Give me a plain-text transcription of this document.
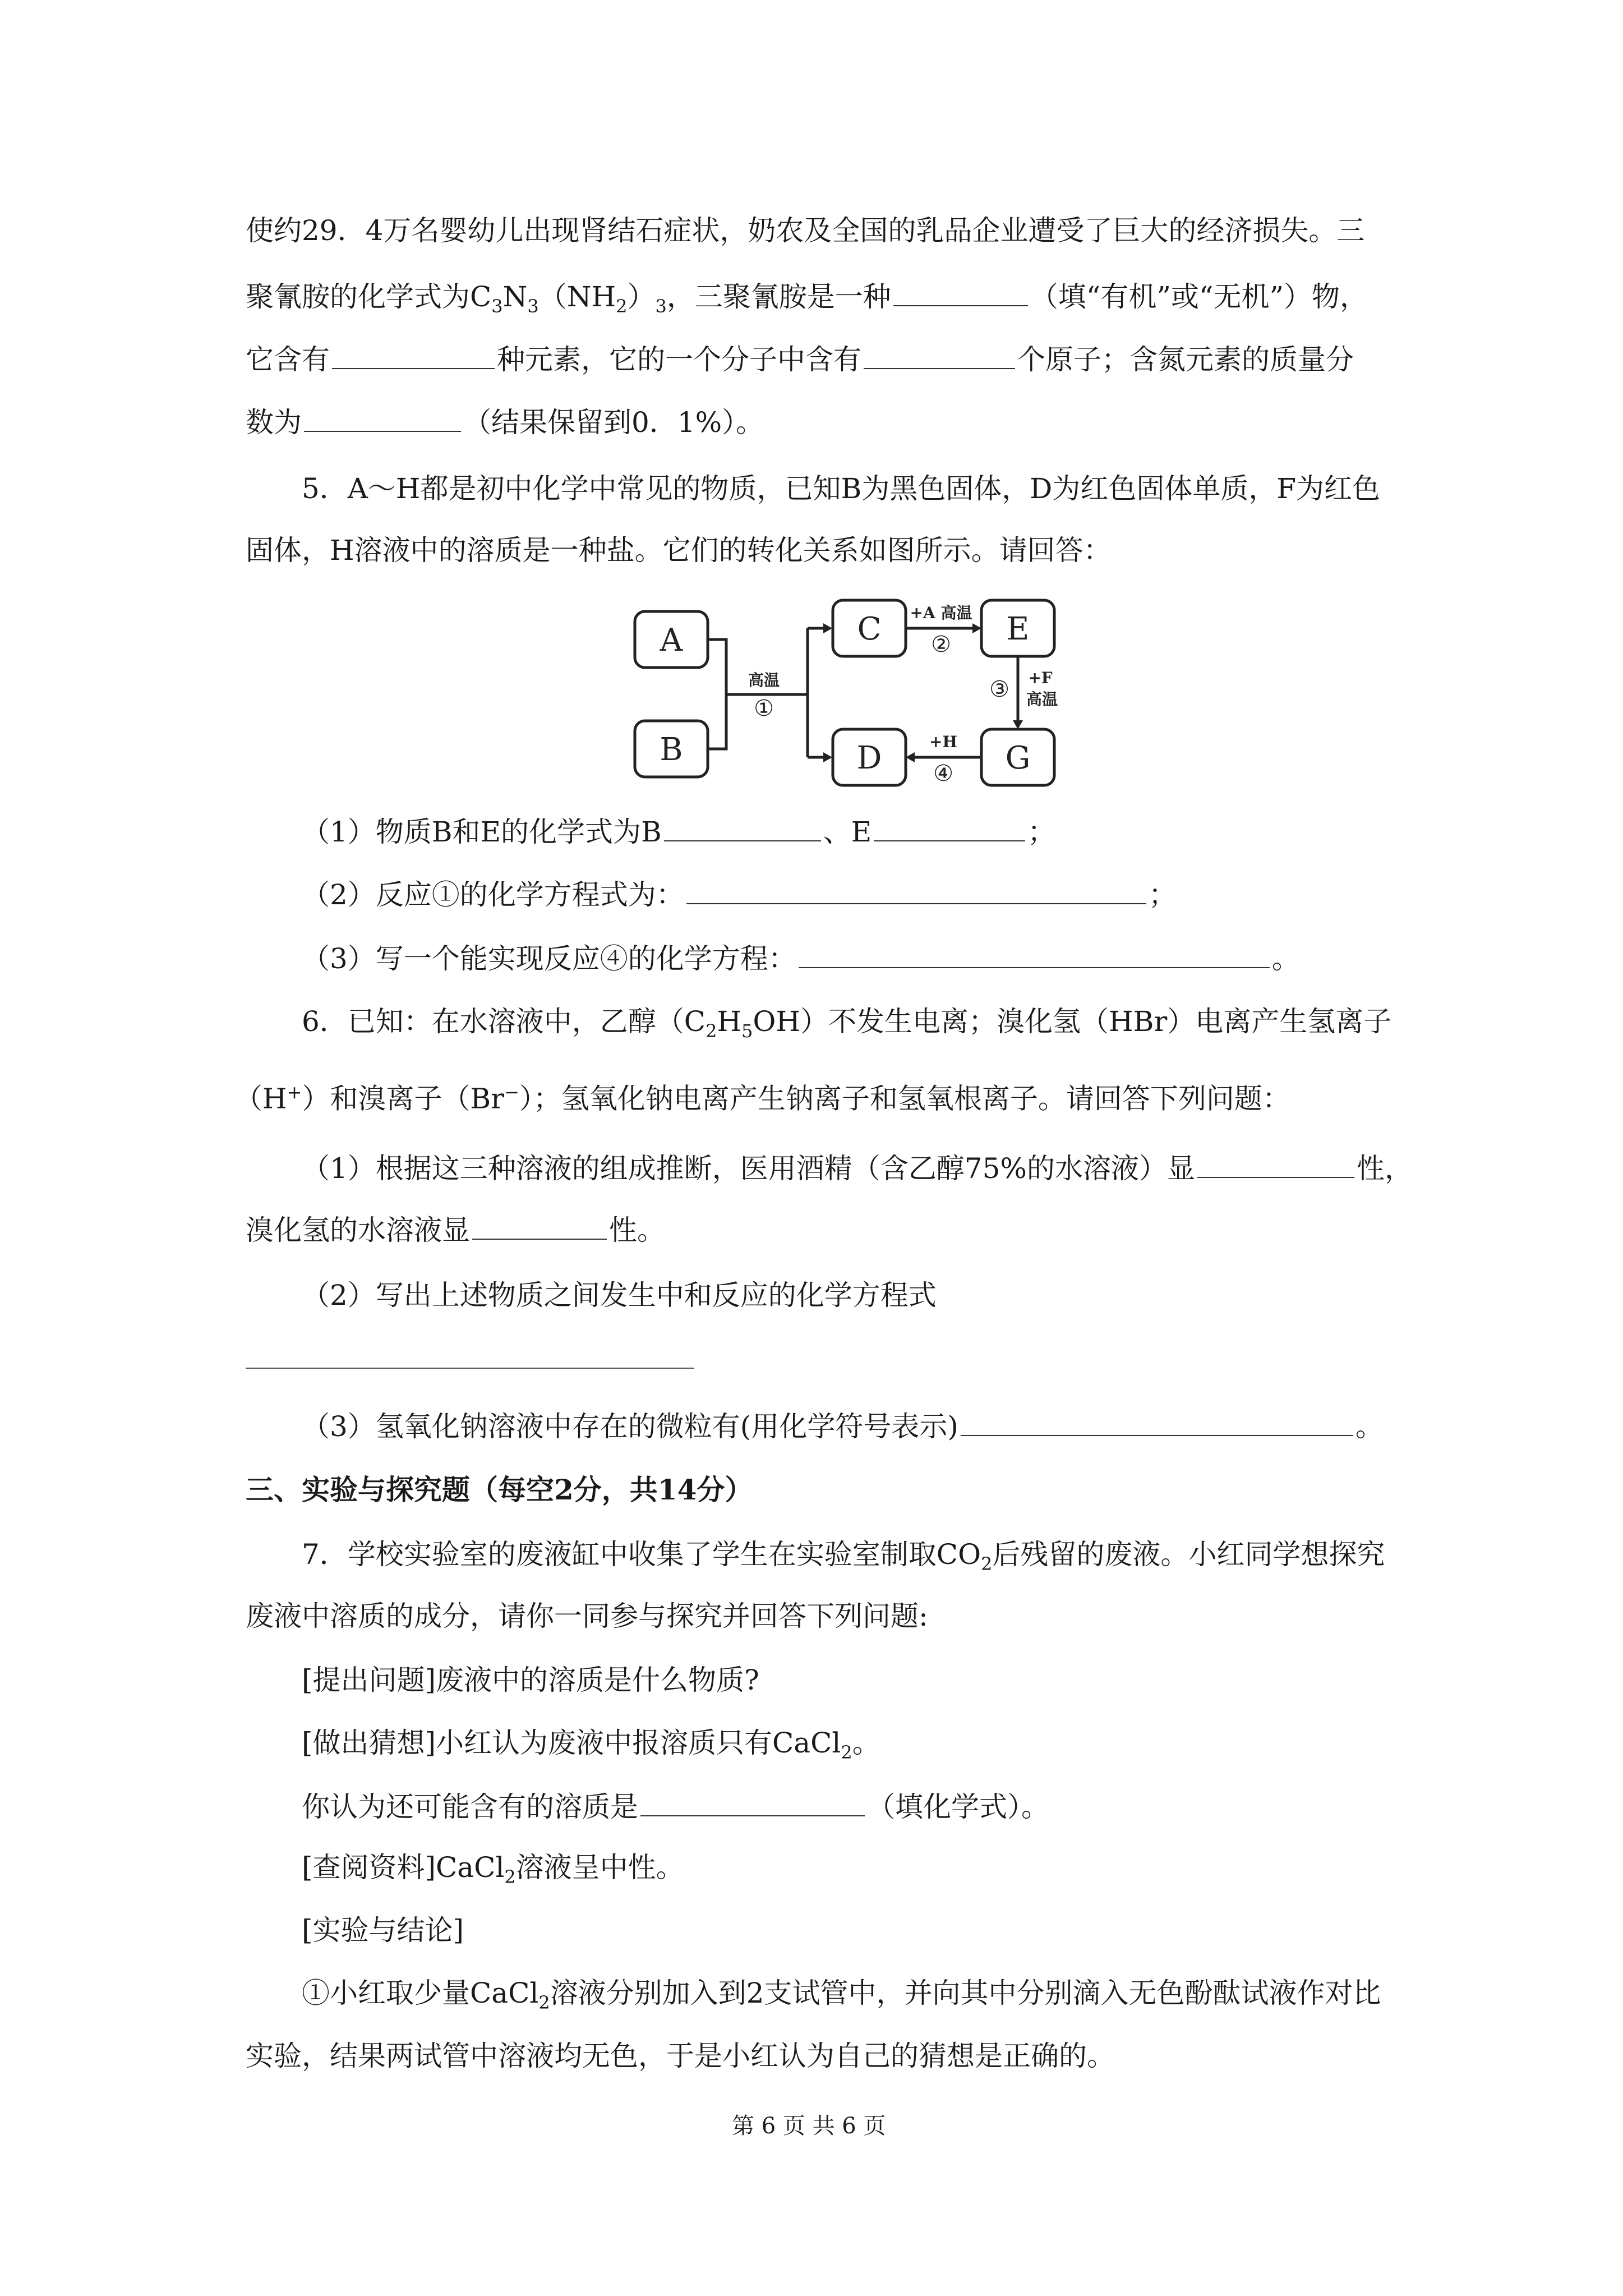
使约29．4万名婴幼儿出现肾结石症状，奶农及全国的乳品企业遭受了巨大的经济损失。三
聚氰胺的化学式为$C_3N_3(NH_2)_3$，三聚氰胺是一种	（填“有机”或“无机”）物，
它含有	种元素，它的一个分子中含有	个原子；含氮元素的质量分
数为	（结果保留到0．1%）。
5．A～H都是初中化学中常见的物质，已知B为黑色固体，D为红色固体单质，F为红色
固体，H溶液中的溶质是一种盐。它们的转化关系如图所示。请回答：
A
B
C
D
E
G
高温
①
+A 高温
②
③ +F
高温
+H
④
（1）物质B和E的化学式为B	、E	；
（2）反应①的化学方程式为：	；
（3）写一个能实现反应④的化学方程：	。
6．已知：在水溶液中，乙醇$(C_2H_5OH)$不发生电离；溴化氢（HBr）电离产生氢离子
（H+）和溴离子（Br−）；氢氧化钠电离产生钠离子和氢氧根离子。请回答下列问题：
（1）根据这三种溶液的组成推断，医用酒精（含乙醇75%的水溶液）显	性，
溴化氢的水溶液显	性。
（2）写出上述物质之间发生中和反应的化学方程式
（3）氢氧化钠溶液中存在的微粒有(用化学符号表示)	。
三、实验与探究题（每空2分，共14分）
7．学校实验室的废液缸中收集了学生在实验室制取$CO_2$后残留的废液。小红同学想探究
废液中溶质的成分，请你一同参与探究并回答下列问题:
[提出问题]废液中的溶质是什么物质?
[做出猜想]小红认为废液中报溶质只有CaCl$_2$。
你认为还可能含有的溶质是	（填化学式）。
[查阅资料]CaCl$_2$溶液呈中性。
[实验与结论]
①小红取少量CaCl$_2$溶液分别加入到2支试管中，并向其中分别滴入无色酚酞试液作对比
实验，结果两试管中溶液均无色，于是小红认为自己的猜想是正确的。
第 6 页 共 6 页
